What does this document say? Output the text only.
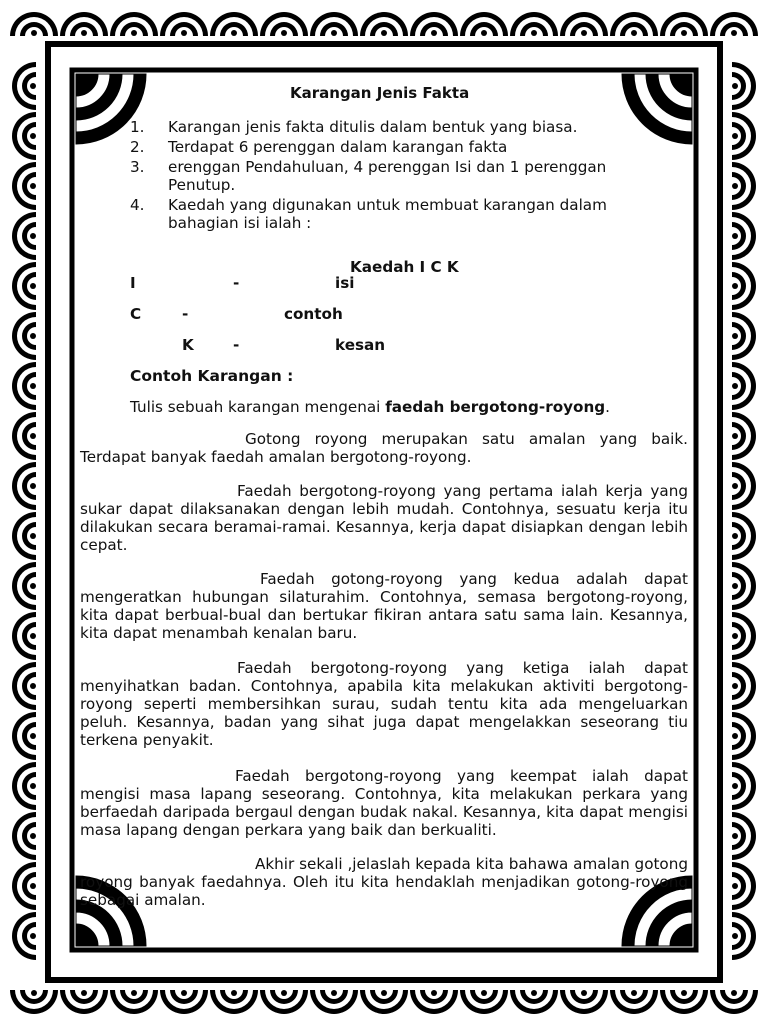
Karangan Jenis Fakta
1. Karangan jenis fakta ditulis dalam bentuk yang biasa.
2. Terdapat 6 perenggan dalam karangan fakta
3. erenggan Pendahuluan, 4 perenggan Isi dan 1 perenggan Penutup.
4. Kaedah yang digunakan untuk membuat karangan dalam bahagian isi ialah :
Kaedah I C K
I	-	isi
C	-	contoh
K	-	kesan
Contoh Karangan :
Tulis sebuah karangan mengenai faedah bergotong-royong.

Gotong royong merupakan satu amalan yang baik. Terdapat banyak faedah amalan bergotong-royong.

Faedah bergotong-royong yang pertama ialah kerja yang sukar dapat dilaksanakan dengan lebih mudah. Contohnya, sesuatu kerja itu dilakukan secara beramai-ramai. Kesannya, kerja dapat disiapkan dengan lebih cepat.

Faedah gotong-royong yang kedua adalah dapat mengeratkan hubungan silaturahim. Contohnya, semasa bergotong-royong, kita dapat berbual-bual dan bertukar fikiran antara satu sama lain. Kesannya, kita dapat menambah kenalan baru.

Faedah bergotong-royong yang ketiga ialah dapat menyihatkan badan. Contohnya, apabila kita melakukan aktiviti bergotong-royong seperti membersihkan surau, sudah tentu kita ada mengeluarkan peluh. Kesannya, badan yang sihat juga dapat mengelakkan seseorang tiu terkena penyakit.

Faedah bergotong-royong yang keempat ialah dapat mengisi masa lapang seseorang. Contohnya, kita melakukan perkara yang berfaedah daripada bergaul dengan budak nakal. Kesannya, kita dapat mengisi masa lapang dengan perkara yang baik dan berkualiti.

Akhir sekali ,jelaslah kepada kita bahawa amalan gotong royong banyak faedahnya. Oleh itu kita hendaklah menjadikan gotong-royong sebagai amalan.
